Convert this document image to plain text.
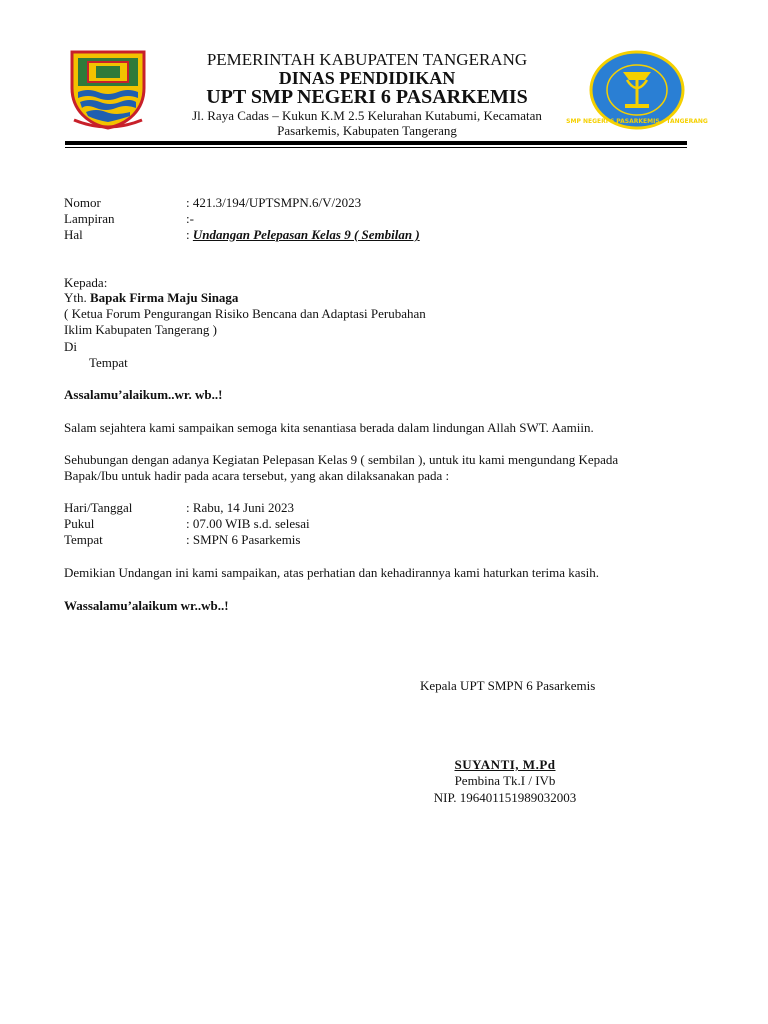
SMP NEGERI 6 PASARKEMIS - TANGERANG
PEMERINTAH KABUPATEN TANGERANG
DINAS PENDIDIKAN
UPT SMP NEGERI 6 PASARKEMIS
Jl. Raya Cadas – Kukun K.M 2.5 Kelurahan Kutabumi, Kecamatan
Pasarkemis, Kabupaten Tangerang
Nomor	: 421.3/194/UPTSMPN.6/V/2023
Lampiran	:-
Hal	: Undangan Pelepasan Kelas 9 ( Sembilan )
Kepada:
Yth. Bapak Firma Maju Sinaga
( Ketua Forum Pengurangan Risiko Bencana dan Adaptasi Perubahan
Iklim Kabupaten Tangerang )
Di
Tempat
Assalamu’alaikum..wr. wb..!
Salam sejahtera kami sampaikan semoga kita senantiasa berada dalam lindungan Allah SWT. Aamiin.
Sehubungan dengan adanya Kegiatan Pelepasan Kelas 9 ( sembilan ), untuk itu kami mengundang Kepada
Bapak/Ibu untuk hadir pada acara tersebut, yang akan dilaksanakan pada :
Hari/Tanggal	: Rabu, 14 Juni 2023
Pukul	: 07.00 WIB s.d. selesai
Tempat	: SMPN 6 Pasarkemis
Demikian Undangan ini kami sampaikan, atas perhatian dan kehadirannya kami haturkan terima kasih.
Wassalamu’alaikum wr..wb..!
Kepala UPT SMPN 6 Pasarkemis
SUYANTI, M.Pd
Pembina Tk.I / IVb
NIP. 196401151989032003
